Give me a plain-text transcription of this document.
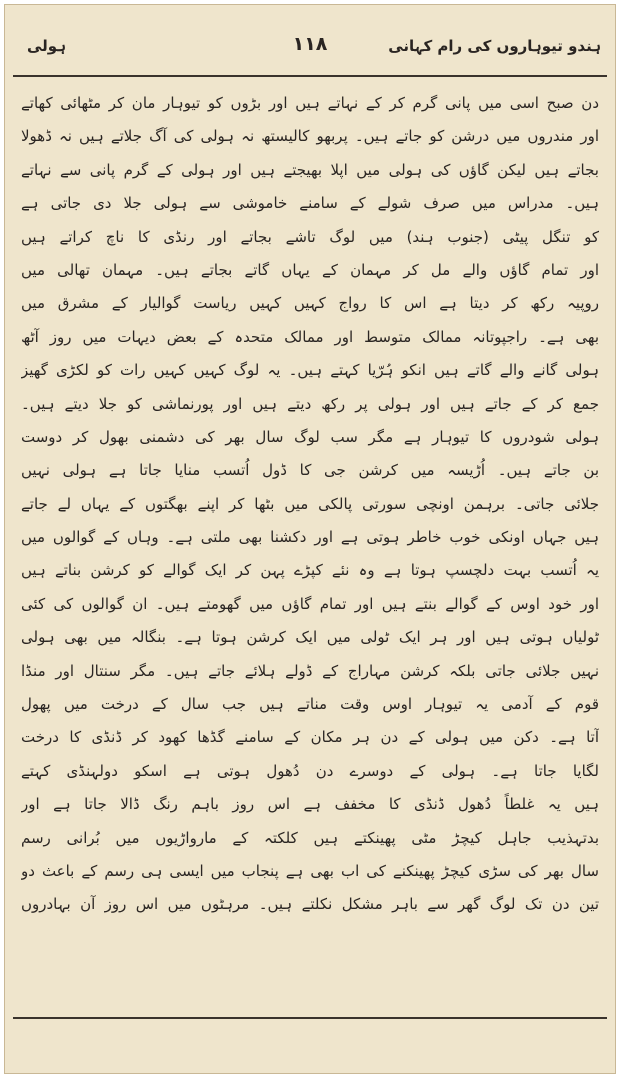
ہندو تیوہاروں کی رام کہانی
۱۱۸
ہولی
دن صبح اسی میں پانی گرم کر کے نہاتے ہیں اور بڑوں کو تیوہار مان کر مٹھائی کھاتے
اور مندروں میں درشن کو جاتے ہیں۔ پربھو کالیستھ نہ ہولی کی آگ جلاتے ہیں نہ ڈھولا
بجاتے ہیں لیکن گاؤں کی ہولی میں اپلا بھیجتے ہیں اور ہولی کے گرم پانی سے نہاتے
ہیں۔ مدراس میں صرف شولے کے سامنے خاموشی سے ہولی جلا دی جاتی ہے
کو تنگل پیٹی (جنوب ہند) میں لوگ تاشے بجاتے اور رنڈی کا ناچ کراتے ہیں
اور تمام گاؤں والے مل کر مہمان کے یہاں گاتے بجاتے ہیں۔ مہمان تھالی میں
روپیہ رکھ کر دیتا ہے اس کا رواج کہیں کہیں ریاست گوالیار کے مشرق میں
بھی ہے۔ راجپوتانہ ممالک متوسط اور ممالک متحدہ کے بعض دیہات میں روز آٹھ
ہولی گانے والے گاتے ہیں انکو ہُرّیا کہتے ہیں۔ یہ لوگ کہیں کہیں رات کو لکڑی گھیز
جمع کر کے جاتے ہیں اور ہولی پر رکھ دیتے ہیں اور پورنماشی کو جلا دیتے ہیں۔
ہولی شودروں کا تیوہار ہے مگر سب لوگ سال بھر کی دشمنی بھول کر دوست
بن جاتے ہیں۔ اُڑیسہ میں کرشن جی کا ڈول اُتسب منایا جاتا ہے ہولی نہیں
جلائی جاتی۔ برہمن اونچی سورتی پالکی میں بٹھا کر اپنے بھگتوں کے یہاں لے جاتے
ہیں جہاں اونکی خوب خاطر ہوتی ہے اور دکشنا بھی ملتی ہے۔ وہاں کے گوالوں میں
یہ اُتسب بہت دلچسپ ہوتا ہے وہ نئے کپڑے پہن کر ایک گوالے کو کرشن بناتے ہیں
اور خود اوس کے گوالے بنتے ہیں اور تمام گاؤں میں گھومتے ہیں۔ ان گوالوں کی کئی
ٹولیاں ہوتی ہیں اور ہر ایک ٹولی میں ایک کرشن ہوتا ہے۔ بنگالہ میں بھی ہولی
نہیں جلائی جاتی بلکہ کرشن مہاراج کے ڈولے ہلائے جاتے ہیں۔ مگر سنتال اور منڈا
قوم کے آدمی یہ تیوہار اوس وقت مناتے ہیں جب سال کے درخت میں پھول
آتا ہے۔ دکن میں ہولی کے دن ہر مکان کے سامنے گڈھا کھود کر ڈنڈی کا درخت
لگایا جاتا ہے۔ ہولی کے دوسرے دن دُھول ہوتی ہے اسکو دولہنڈی کہتے
ہیں یہ غلطاً دُھول ڈنڈی کا مخفف ہے اس روز باہم رنگ ڈالا جاتا ہے اور
بدتہذیب جاہل کیچڑ مٹی پھینکتے ہیں کلکتہ کے مارواڑیوں میں بُرانی رسم
سال بھر کی سڑی کیچڑ پھینکنے کی اب بھی ہے پنجاب میں ایسی ہی رسم کے باعث دو
تین دن تک لوگ گھر سے باہر مشکل نکلتے ہیں۔ مرہٹوں میں اس روز آن بہادروں
